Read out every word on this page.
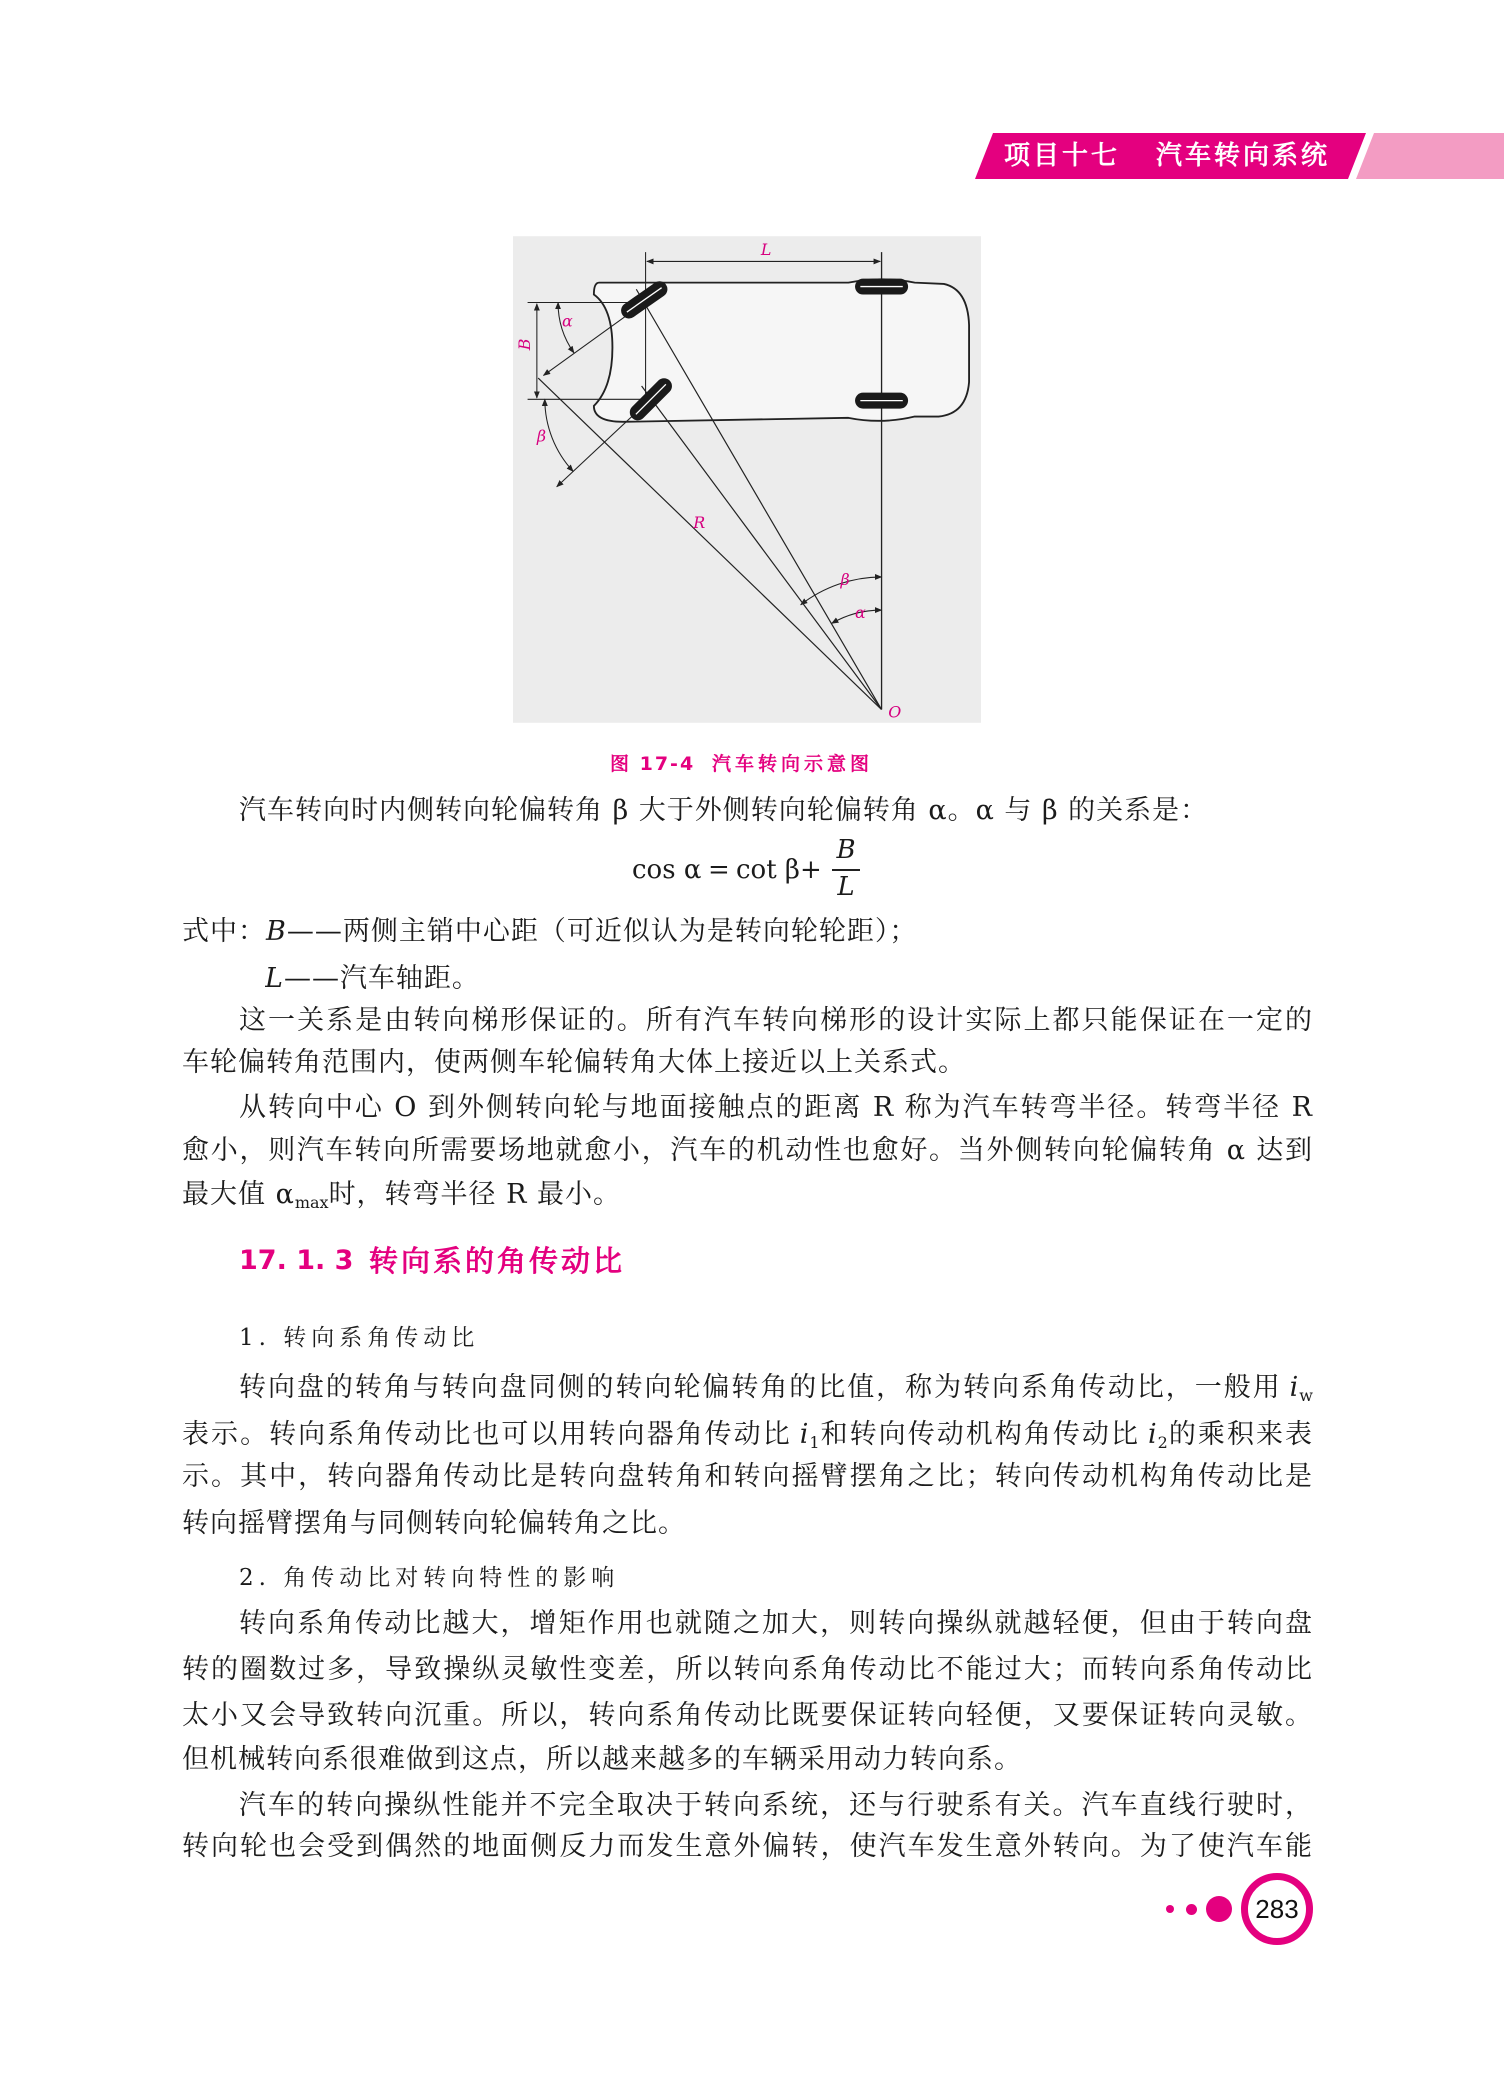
项目十七 汽车转向系统
L
B
α
β
R
β
α
O
图 17-4 汽车转向示意图
汽车转向时内侧转向轮偏转角 β 大于外侧转向轮偏转角 α。α 与 β 的关系是：
cos α = cot β+
B
L
式中：B——两侧主销中心距（可近似认为是转向轮轮距）；
L——汽车轴距。
这一关系是由转向梯形保证的。所有汽车转向梯形的设计实际上都只能保证在一定的
车轮偏转角范围内，使两侧车轮偏转角大体上接近以上关系式。
从转向中心 O 到外侧转向轮与地面接触点的距离 R 称为汽车转弯半径。转弯半径 R
愈小，则汽车转向所需要场地就愈小，汽车的机动性也愈好。当外侧转向轮偏转角 α 达到
最大值 αmax时，转弯半径 R 最小。
17. 1. 3 转向系的角传动比
1. 转向系角传动比
转向盘的转角与转向盘同侧的转向轮偏转角的比值，称为转向系角传动比，一般用 iw
表示。转向系角传动比也可以用转向器角传动比 i1和转向传动机构角传动比 i2的乘积来表
示。其中，转向器角传动比是转向盘转角和转向摇臂摆角之比；转向传动机构角传动比是
转向摇臂摆角与同侧转向轮偏转角之比。
2. 角传动比对转向特性的影响
转向系角传动比越大，增矩作用也就随之加大，则转向操纵就越轻便，但由于转向盘
转的圈数过多，导致操纵灵敏性变差，所以转向系角传动比不能过大；而转向系角传动比
太小又会导致转向沉重。所以，转向系角传动比既要保证转向轻便，又要保证转向灵敏。
但机械转向系很难做到这点，所以越来越多的车辆采用动力转向系。
汽车的转向操纵性能并不完全取决于转向系统，还与行驶系有关。汽车直线行驶时，
转向轮也会受到偶然的地面侧反力而发生意外偏转，使汽车发生意外转向。为了使汽车能
283
